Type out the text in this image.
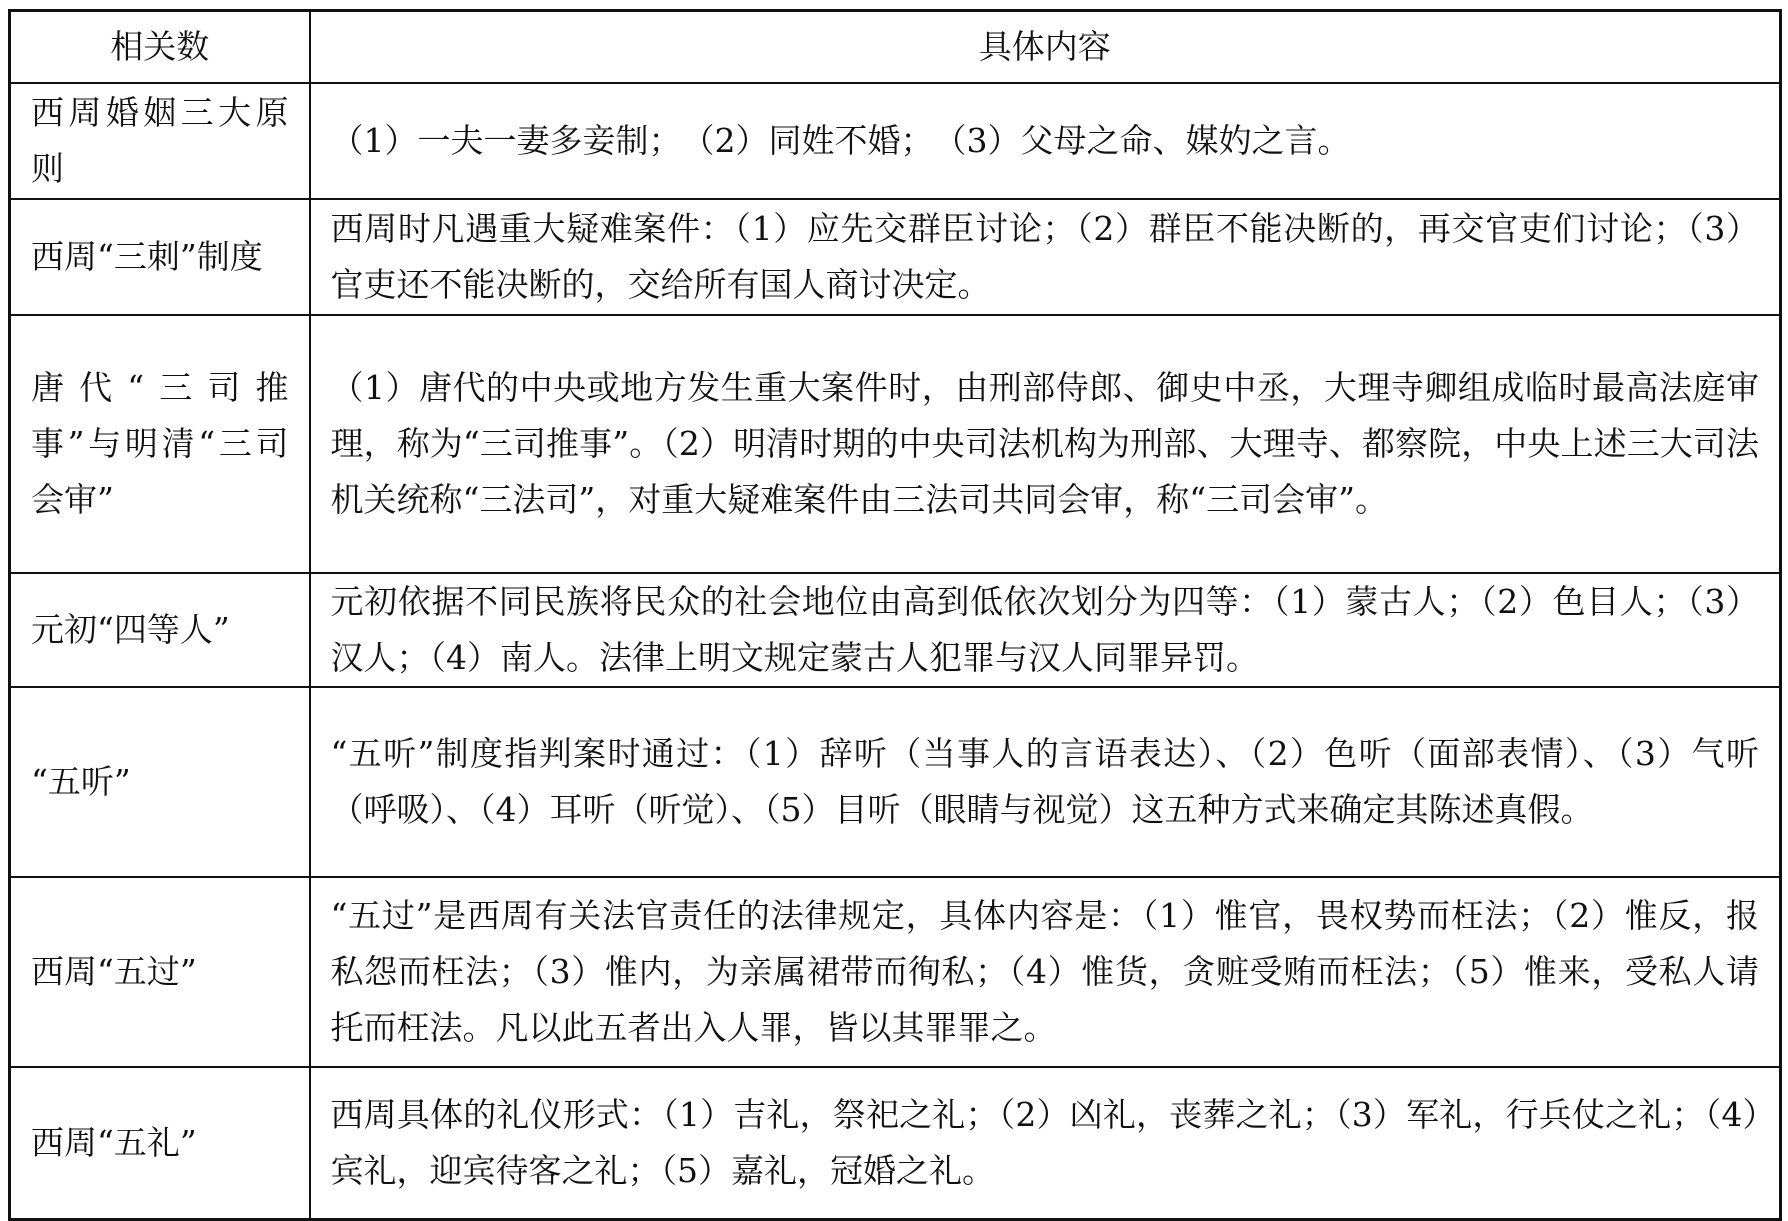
相关数	具体内容
西周婚姻三大原则	（1）一夫一妻多妾制；　（2）同姓不婚；　（3）父母之命、媒妁之言。
西周“三刺”制度	西周时凡遇重大疑难案件：（1）应先交群臣讨论；（2）群臣不能决断的，再交官吏们讨论；（3）官吏还不能决断的，交给所有国人商讨决定。
唐代“三司推事”与明清“三司会审”	（1）唐代的中央或地方发生重大案件时，由刑部侍郎、御史中丞，大理寺卿组成临时最高法庭审理，称为“三司推事”。（2）明清时期的中央司法机构为刑部、大理寺、都察院，中央上述三大司法机关统称“三法司”，对重大疑难案件由三法司共同会审，称“三司会审”。
元初“四等人”	元初依据不同民族将民众的社会地位由高到低依次划分为四等：（1）蒙古人；（2）色目人；（3）汉人；（4）南人。法律上明文规定蒙古人犯罪与汉人同罪异罚。
“五听”	“五听”制度指判案时通过：（1）辞听（当事人的言语表达）、（2）色听（面部表情）、（3）气听（呼吸）、（4）耳听（听觉）、（5）目听（眼睛与视觉）这五种方式来确定其陈述真假。
西周“五过”	“五过”是西周有关法官责任的法律规定，具体内容是：（1）惟官，畏权势而枉法；（2）惟反，报私怨而枉法；（3）惟内，为亲属裙带而徇私；（4）惟货，贪赃受贿而枉法；（5）惟来，受私人请托而枉法。凡以此五者出入人罪，皆以其罪罪之。
西周“五礼”	西周具体的礼仪形式：（1）吉礼，祭祀之礼；（2）凶礼，丧葬之礼；（3）军礼，行兵仗之礼；（4）宾礼，迎宾待客之礼；（5）嘉礼，冠婚之礼。
